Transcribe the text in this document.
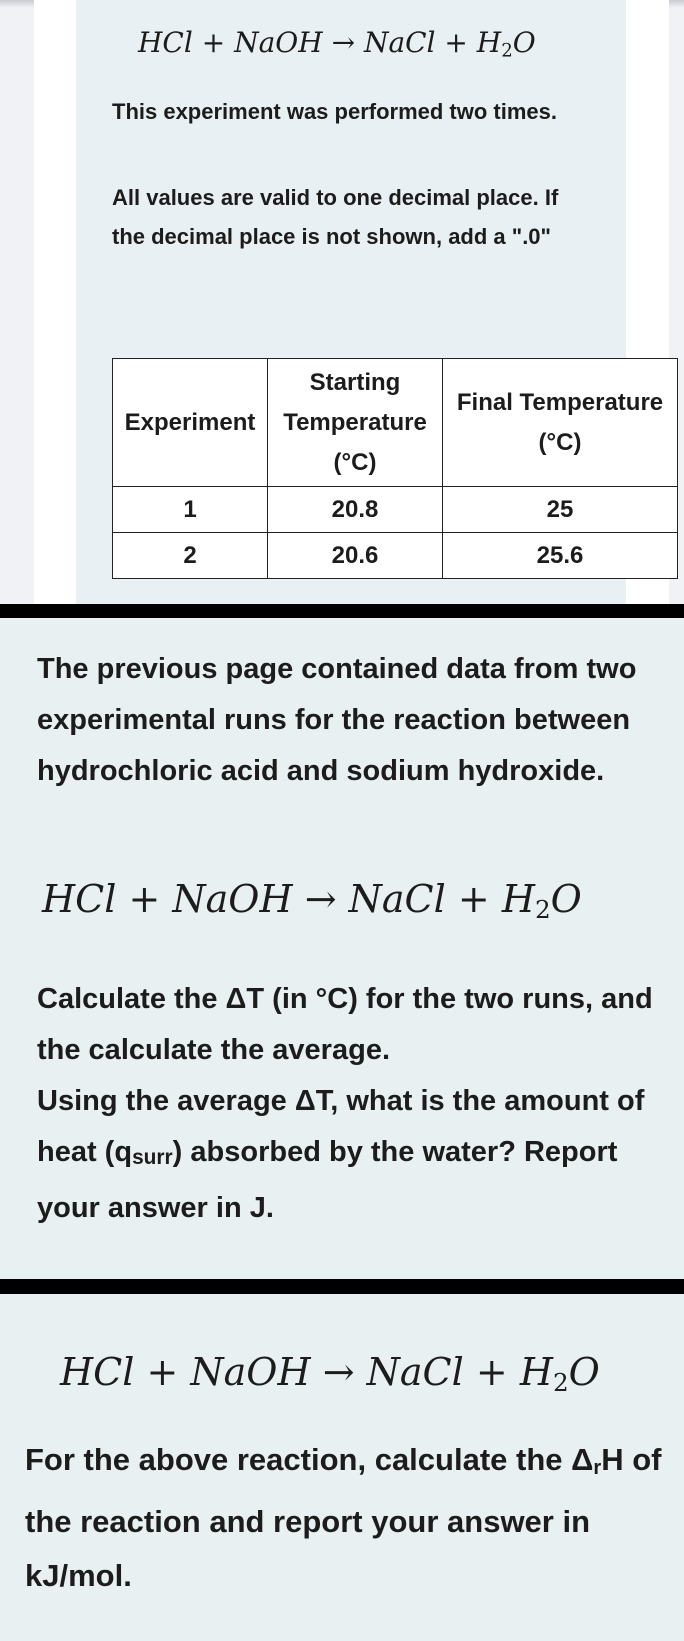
HCl + NaOH → NaCl + $H_2O$

This experiment was performed two times.

All values are valid to one decimal place. If the decimal place is not shown, add a ".0"

Experiment	Starting Temperature (°C)	Final Temperature (°C)

1	20.8	25
2	20.6	25.6

The previous page contained data from two experimental runs for the reaction between hydrochloric acid and sodium hydroxide.

HCl + NaOH → NaCl + $H_2O$

Calculate the ΔT (in °C) for the two runs, and the calculate the average.

Using the average ΔT, what is the amount of heat (qsurr) absorbed by the water? Report your answer in J.

HCl + NaOH → NaCl + $H_2O$

For the above reaction, calculate the $\Delta_rH$ of the reaction and report your answer in kJ/mol.
